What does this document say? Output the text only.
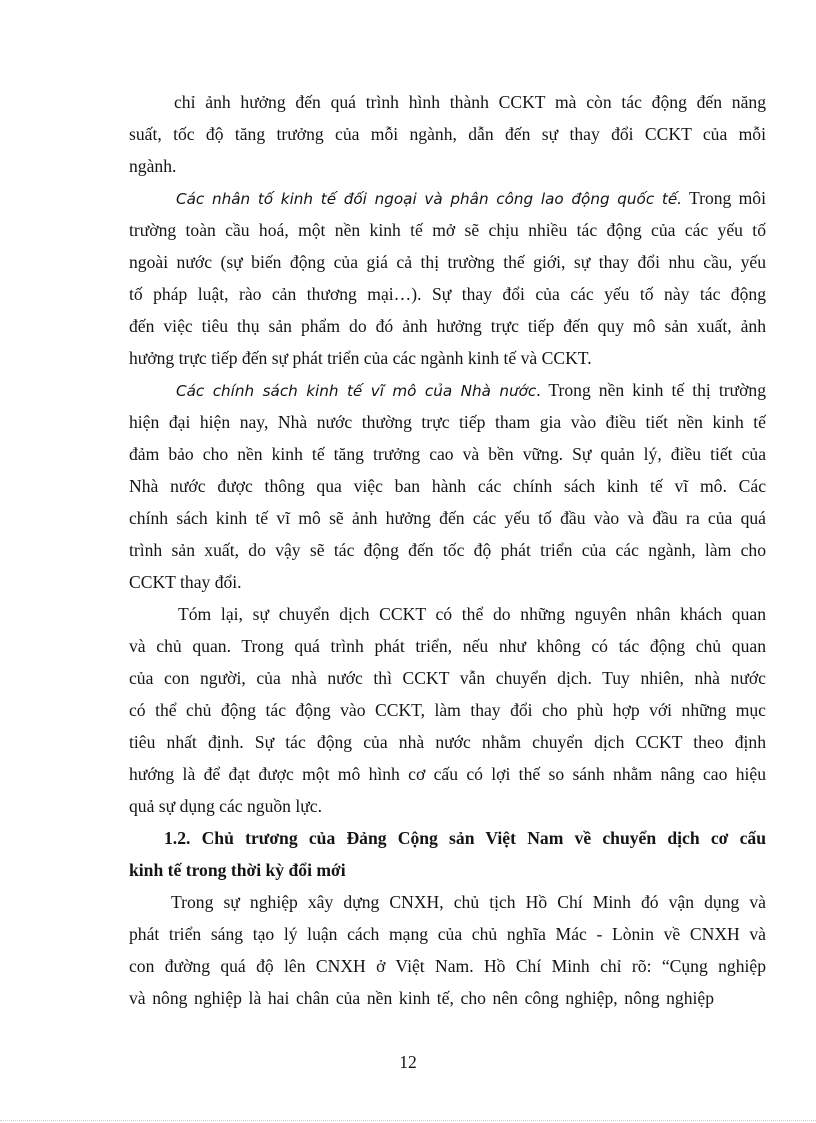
chỉ ảnh hưởng đến quá trình hình thành CCKT mà còn tác động đến năng
suất, tốc độ tăng trưởng của mỗi ngành, dẫn đến sự thay đổi CCKT của mỗi
ngành.
Các nhân tố kinh tế đối ngoại và phân công lao động quốc tế. Trong môi
trường toàn cầu hoá, một nền kinh tế mở sẽ chịu nhiều tác động của các yếu tố
ngoài nước (sự biến động của giá cả thị trường thế giới, sự thay đổi nhu cầu, yếu
tố pháp luật, rào cản thương mại…). Sự thay đổi của các yếu tố này tác động
đến việc tiêu thụ sản phẩm do đó ảnh hưởng trực tiếp đến quy mô sản xuất, ảnh
hưởng trực tiếp đến sự phát triển của các ngành kinh tế và CCKT.
Các chính sách kinh tế vĩ mô của Nhà nước. Trong nền kinh tế thị trường
hiện đại hiện nay, Nhà nước thường trực tiếp tham gia vào điều tiết nền kinh tế
đảm bảo cho nền kinh tế tăng trưởng cao và bền vững. Sự quản lý, điều tiết của
Nhà nước được thông qua việc ban hành các chính sách kinh tế vĩ mô. Các
chính sách kinh tế vĩ mô sẽ ảnh hưởng đến các yếu tố đầu vào và đầu ra của quá
trình sản xuất, do vậy sẽ tác động đến tốc độ phát triển của các ngành, làm cho
CCKT thay đổi.
Tóm lại, sự chuyển dịch CCKT có thể do những nguyên nhân khách quan
và chủ quan. Trong quá trình phát triển, nếu như không có tác động chủ quan
của con người, của nhà nước thì CCKT vẫn chuyển dịch. Tuy nhiên, nhà nước
có thể chủ động tác động vào CCKT, làm thay đổi cho phù hợp với những mục
tiêu nhất định. Sự tác động của nhà nước nhằm chuyển dịch CCKT theo định
hướng là để đạt được một mô hình cơ cấu có lợi thế so sánh nhằm nâng cao hiệu
quả sự dụng các nguồn lực.
1.2. Chủ trương của Đảng Cộng sản Việt Nam về chuyển dịch cơ cấu
kinh tế trong thời kỳ đổi mới
Trong sự nghiệp xây dựng CNXH, chủ tịch Hồ Chí Minh đó vận dụng và
phát triển sáng tạo lý luận cách mạng của chủ nghĩa Mác - Lònin về CNXH và
con đường quá độ lên CNXH ở Việt Nam. Hồ Chí Minh chỉ rõ: “Cụng nghiệp
và nông nghiệp là hai chân của nền kinh tế, cho nên công nghiệp, nông nghiệp
12
